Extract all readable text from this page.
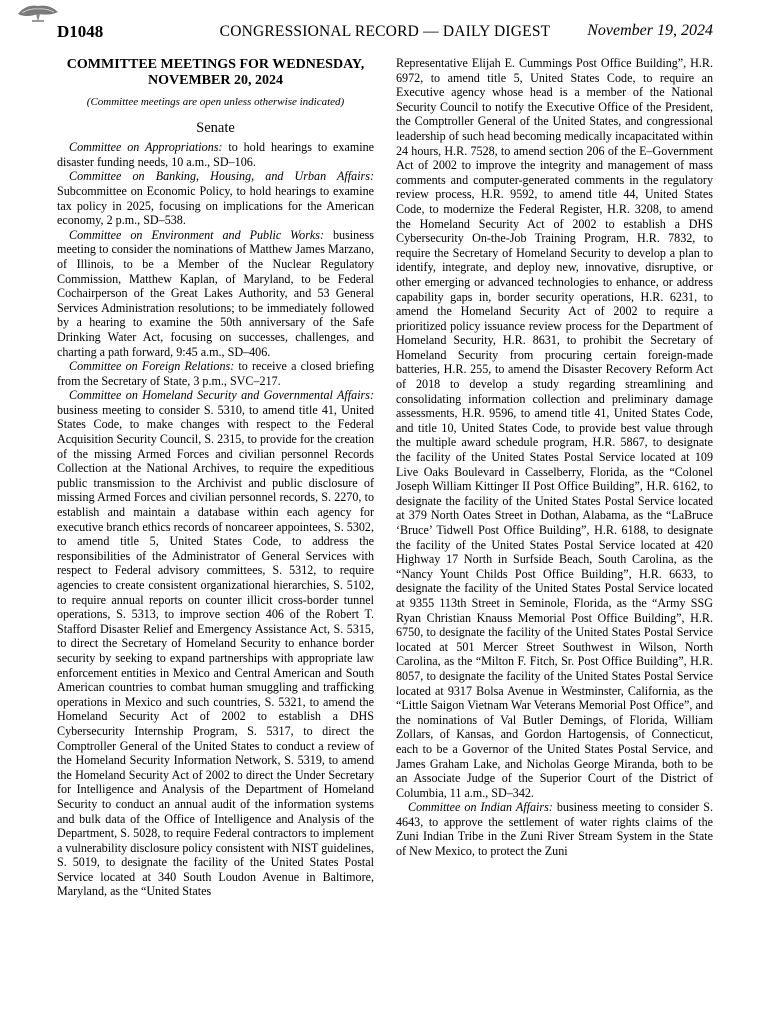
D1048	CONGRESSIONAL RECORD — DAILY DIGEST	November 19, 2024
COMMITTEE MEETINGS FOR WEDNESDAY,
NOVEMBER 20, 2024
(Committee meetings are open unless otherwise indicated)
Senate

Committee on Appropriations: to hold hearings to examine disaster funding needs, 10 a.m., SD–106.

Committee on Banking, Housing, and Urban Affairs: Subcommittee on Economic Policy, to hold hearings to examine tax policy in 2025, focusing on implications for the American economy, 2 p.m., SD–538.

Committee on Environment and Public Works: business meeting to consider the nominations of Matthew James Marzano, of Illinois, to be a Member of the Nuclear Regulatory Commission, Matthew Kaplan, of Maryland, to be Federal Cochairperson of the Great Lakes Authority, and 53 General Services Administration resolutions; to be immediately followed by a hearing to examine the 50th anniversary of the Safe Drinking Water Act, focusing on successes, challenges, and charting a path forward, 9:45 a.m., SD–406.

Committee on Foreign Relations: to receive a closed briefing from the Secretary of State, 3 p.m., SVC–217.

Committee on Homeland Security and Governmental Affairs: business meeting to consider S. 5310, to amend title 41, United States Code, to make changes with respect to the Federal Acquisition Security Council, S. 2315, to provide for the creation of the missing Armed Forces and civilian personnel Records Collection at the National Archives, to require the expeditious public transmission to the Archivist and public disclosure of missing Armed Forces and civilian personnel records, S. 2270, to establish and maintain a database within each agency for executive branch ethics records of noncareer appointees, S. 5302, to amend title 5, United States Code, to address the responsibilities of the Administrator of General Services with respect to Federal advisory committees, S. 5312, to require agencies to create consistent organizational hierarchies, S. 5102, to require annual reports on counter illicit cross-border tunnel operations, S. 5313, to improve section 406 of the Robert T. Stafford Disaster Relief and Emergency Assistance Act, S. 5315, to direct the Secretary of Homeland Security to enhance border security by seeking to expand partnerships with appropriate law enforcement entities in Mexico and Central American and South American countries to combat human smuggling and trafficking operations in Mexico and such countries, S. 5321, to amend the Homeland Security Act of 2002 to establish a DHS Cybersecurity Internship Program, S. 5317, to direct the Comptroller General of the United States to conduct a review of the Homeland Security Information Network, S. 5319, to amend the Homeland Security Act of 2002 to direct the Under Secretary for Intelligence and Analysis of the Department of Homeland Security to conduct an annual audit of the information systems and bulk data of the Office of Intelligence and Analysis of the Department, S. 5028, to require Federal contractors to implement a vulnerability disclosure policy consistent with NIST guidelines, S. 5019, to designate the facility of the United States Postal Service located at 340 South Loudon Avenue in Baltimore, Maryland, as the “United States

Representative Elijah E. Cummings Post Office Building”, H.R. 6972, to amend title 5, United States Code, to require an Executive agency whose head is a member of the National Security Council to notify the Executive Office of the President, the Comptroller General of the United States, and congressional leadership of such head becoming medically incapacitated within 24 hours, H.R. 7528, to amend section 206 of the E–Government Act of 2002 to improve the integrity and management of mass comments and computer-generated comments in the regulatory review process, H.R. 9592, to amend title 44, United States Code, to modernize the Federal Register, H.R. 3208, to amend the Homeland Security Act of 2002 to establish a DHS Cybersecurity On-the-Job Training Program, H.R. 7832, to require the Secretary of Homeland Security to develop a plan to identify, integrate, and deploy new, innovative, disruptive, or other emerging or advanced technologies to enhance, or address capability gaps in, border security operations, H.R. 6231, to amend the Homeland Security Act of 2002 to require a prioritized policy issuance review process for the Department of Homeland Security, H.R. 8631, to prohibit the Secretary of Homeland Security from procuring certain foreign-made batteries, H.R. 255, to amend the Disaster Recovery Reform Act of 2018 to develop a study regarding streamlining and consolidating information collection and preliminary damage assessments, H.R. 9596, to amend title 41, United States Code, and title 10, United States Code, to provide best value through the multiple award schedule program, H.R. 5867, to designate the facility of the United States Postal Service located at 109 Live Oaks Boulevard in Casselberry, Florida, as the “Colonel Joseph William Kittinger II Post Office Building”, H.R. 6162, to designate the facility of the United States Postal Service located at 379 North Oates Street in Dothan, Alabama, as the “LaBruce ‘Bruce’ Tidwell Post Office Building”, H.R. 6188, to designate the facility of the United States Postal Service located at 420 Highway 17 North in Surfside Beach, South Carolina, as the “Nancy Yount Childs Post Office Building”, H.R. 6633, to designate the facility of the United States Postal Service located at 9355 113th Street in Seminole, Florida, as the “Army SSG Ryan Christian Knauss Memorial Post Office Building”, H.R. 6750, to designate the facility of the United States Postal Service located at 501 Mercer Street Southwest in Wilson, North Carolina, as the “Milton F. Fitch, Sr. Post Office Building”, H.R. 8057, to designate the facility of the United States Postal Service located at 9317 Bolsa Avenue in Westminster, California, as the “Little Saigon Vietnam War Veterans Memorial Post Office”, and the nominations of Val Butler Demings, of Florida, William Zollars, of Kansas, and Gordon Hartogensis, of Connecticut, each to be a Governor of the United States Postal Service, and James Graham Lake, and Nicholas George Miranda, both to be an Associate Judge of the Superior Court of the District of Columbia, 11 a.m., SD–342.

Committee on Indian Affairs: business meeting to consider S. 4643, to approve the settlement of water rights claims of the Zuni Indian Tribe in the Zuni River Stream System in the State of New Mexico, to protect the Zuni
